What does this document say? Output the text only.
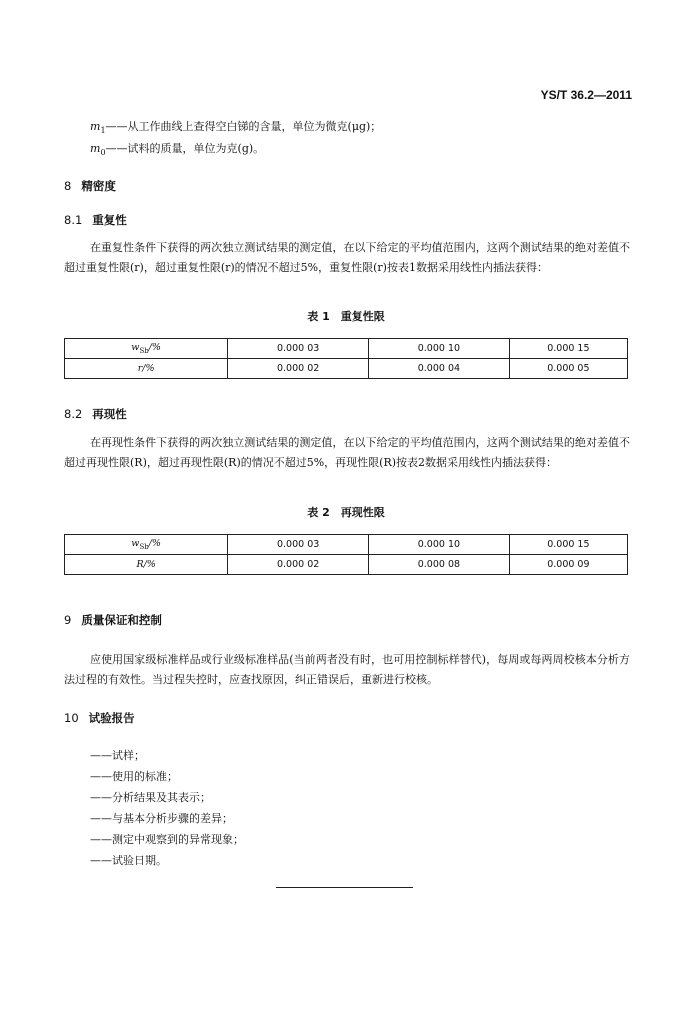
YS/T 36.2—2011
$m_1——$从工作曲线上查得空白锑的含量，单位为微克(μg)；
$m_0——$试料的质量，单位为克(g)。
8 精密度
8.1 重复性
在重复性条件下获得的两次独立测试结果的测定值，在以下给定的平均值范围内，这两个测试结果的绝对差值不超过重复性限(r)，超过重复性限(r)的情况不超过5%，重复性限(r)按表1数据采用线性内插法获得：
表 1　重复性限
$w_{Sb}/\%$	0.000 03	0.000 10	0.000 15
r/%	0.000 02	0.000 04	0.000 05
8.2 再现性
在再现性条件下获得的两次独立测试结果的测定值，在以下给定的平均值范围内，这两个测试结果的绝对差值不超过再现性限(R)，超过再现性限(R)的情况不超过5%，再现性限(R)按表2数据采用线性内插法获得：
表 2　再现性限
$w_{Sb}/\%$	0.000 03	0.000 10	0.000 15
R/%	0.000 02	0.000 08	0.000 09
9 质量保证和控制
应使用国家级标准样品或行业级标准样品(当前两者没有时，也可用控制标样替代)，每周或每两周校核本分析方法过程的有效性。当过程失控时，应查找原因，纠正错误后，重新进行校核。
10 试验报告
——试样；
——使用的标准；
——分析结果及其表示；
——与基本分析步骤的差异；
——测定中观察到的异常现象；
——试验日期。
